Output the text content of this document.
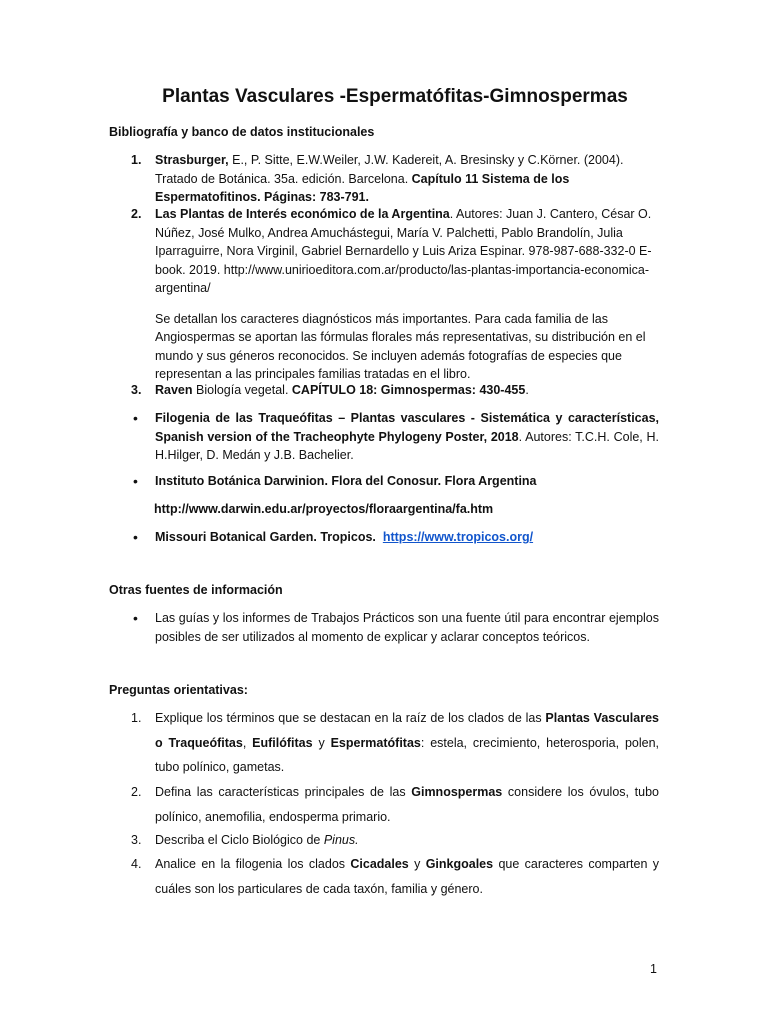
Plantas Vasculares -Espermatófitas-Gimnospermas

Bibliografía y banco de datos institucionales

1. Strasburger, E., P. Sitte, E.W.Weiler, J.W. Kadereit, A. Bresinsky y C.Körner. (2004). Tratado de Botánica. 35a. edición. Barcelona. Capítulo 11 Sistema de los Espermatofitinos. Páginas: 783-791.
2. Las Plantas de Interés económico de la Argentina. Autores: Juan J. Cantero, César O. Núñez, José Mulko, Andrea Amuchástegui, María V. Palchetti, Pablo Brandolín, Julia Iparraguirre, Nora Virginil, Gabriel Bernardello y Luis Ariza Espinar. 978-987-688-332-0 E-book. 2019. http://www.unirioeditora.com.ar/producto/las-plantas-importancia-economica-argentina/
Se detallan los caracteres diagnósticos más importantes. Para cada familia de las Angiospermas se aportan las fórmulas florales más representativas, su distribución en el mundo y sus géneros reconocidos. Se incluyen además fotografías de especies que representan a las principales familias tratadas en el libro.
3. Raven Biología vegetal. CAPÍTULO 18: Gimnospermas: 430-455.
• Filogenia de las Traqueófitas – Plantas vasculares - Sistemática y características, Spanish version of the Tracheophyte Phylogeny Poster, 2018. Autores: T.C.H. Cole, H. H.Hilger, D. Medán y J.B. Bachelier.
• Instituto Botánica Darwinion. Flora del Conosur. Flora Argentina
http://www.darwin.edu.ar/proyectos/floraargentina/fa.htm
• Missouri Botanical Garden. Tropicos. https://www.tropicos.org/

Otras fuentes de información

• Las guías y los informes de Trabajos Prácticos son una fuente útil para encontrar ejemplos posibles de ser utilizados al momento de explicar y aclarar conceptos teóricos.

Preguntas orientativas:

1. Explique los términos que se destacan en la raíz de los clados de las Plantas Vasculares o Traqueófitas, Eufilófitas y Espermatófitas: estela, crecimiento, heterosporia, polen, tubo polínico, gametas.
2. Defina las características principales de las Gimnospermas considere los óvulos, tubo polínico, anemofilia, endosperma primario.
3. Describa el Ciclo Biológico de Pinus.
4. Analice en la filogenia los clados Cicadales y Ginkgoales que caracteres comparten y cuáles son los particulares de cada taxón, familia y género.
1
